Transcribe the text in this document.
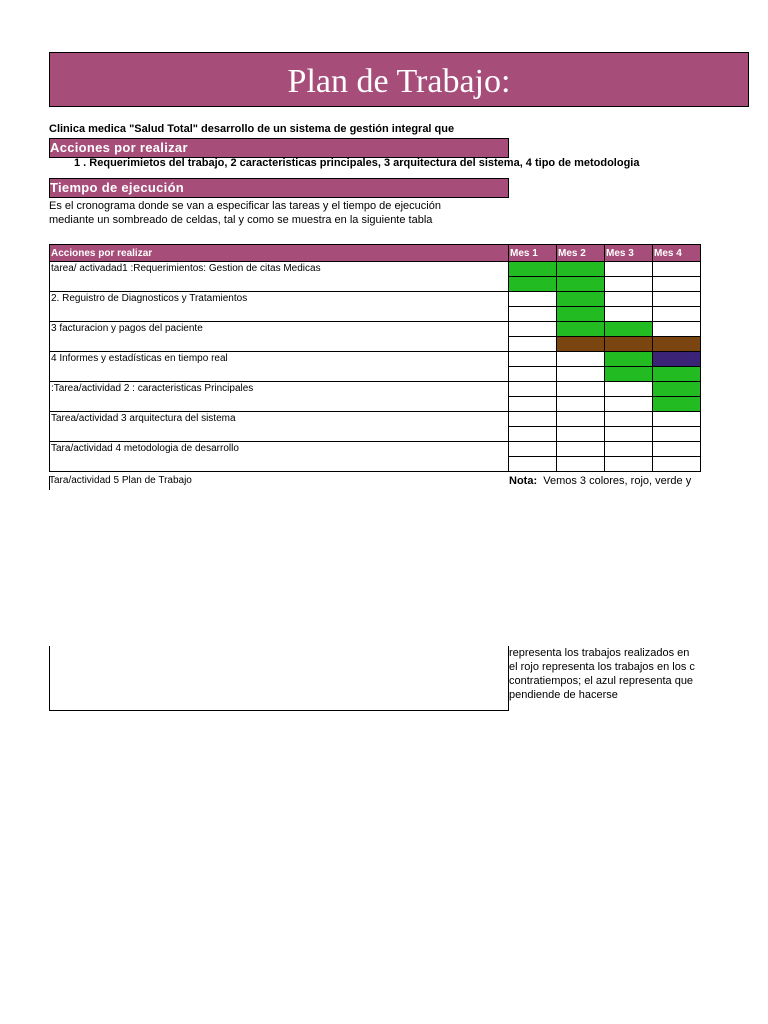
Plan de Trabajo:
Clinica medica "Salud Total" desarrollo de un sistema de gestión integral que
Acciones por realizar
1 . Requerimietos del trabajo, 2 caracteristicas principales, 3 arquitectura del sistema, 4 tipo de metodologia
Tiempo de ejecución
Es el cronograma donde se van a especificar las tareas y el tiempo de ejecución mediante un sombreado de celdas, tal y como se muestra en la siguiente tabla
Acciones por realizar	Mes 1	Mes 2	Mes 3	Mes 4
tarea/ activadad1 :Requerimientos: Gestion de citas Medicas				

2. Reguistro de Diagnosticos y Tratamientos				

3 facturacion y pagos del paciente				

4 Informes y estadísticas en tiempo real				

:Tarea/actividad 2 : caracteristicas Principales				

Tarea/actividad 3 arquitectura del sistema				

Tara/actividad 4 metodologia de desarrollo				

Tara/actividad 5 Plan de Trabajo	Nota: Vemos 3 colores, rojo, verde y
representa los trabajos realizados en
el rojo representa los trabajos en los c
contratiempos; el azul representa que
pendiende de hacerse
